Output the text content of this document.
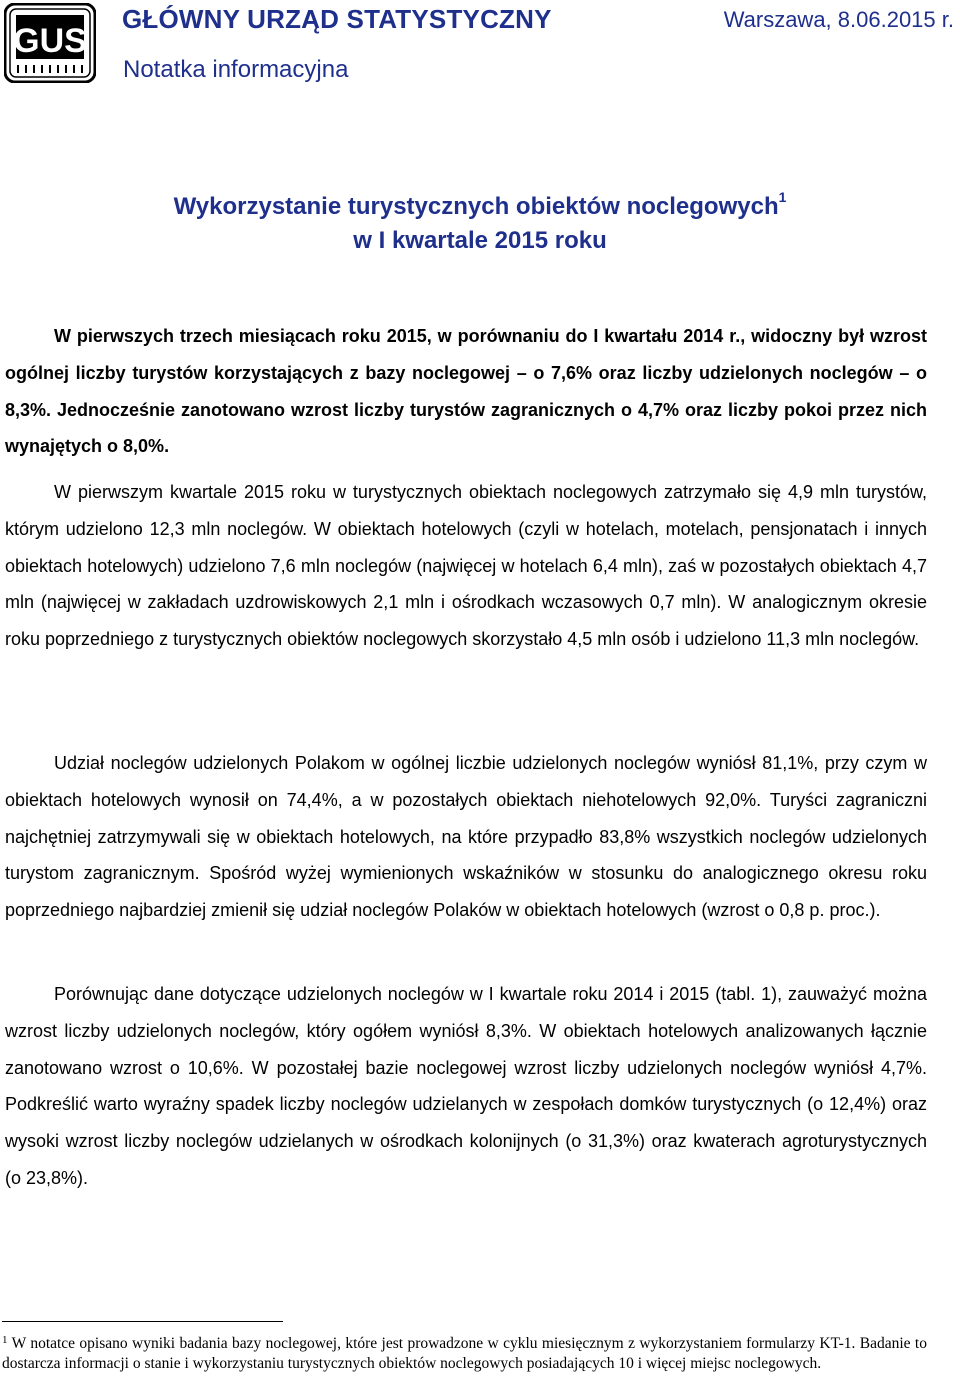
GUS
GŁÓWNY URZĄD STATYSTYCZNY	Warszawa, 8.06.2015 r.
Notatka informacyjna
Wykorzystanie turystycznych obiektów noclegowych$^1$
w I kwartale 2015 roku

W pierwszych trzech miesiącach roku 2015, w porównaniu do I kwartału 2014 r., widoczny był wzrost ogólnej liczby turystów korzystających z bazy noclegowej – o 7,6% oraz liczby udzielonych noclegów – o 8,3%. Jednocześnie zanotowano wzrost liczby turystów zagranicznych o 4,7% oraz liczby pokoi przez nich wynajętych o 8,0%.

W pierwszym kwartale 2015 roku w turystycznych obiektach noclegowych zatrzymało się 4,9 mln turystów, którym udzielono 12,3 mln noclegów. W obiektach hotelowych (czyli w hotelach, motelach, pensjonatach i innych obiektach hotelowych) udzielono 7,6 mln noclegów (najwięcej w hotelach 6,4 mln), zaś w pozostałych obiektach 4,7 mln (najwięcej w zakładach uzdrowiskowych 2,1 mln i ośrodkach wczasowych 0,7 mln). W analogicznym okresie roku poprzedniego z turystycznych obiektów noclegowych skorzystało 4,5 mln osób i udzielono 11,3 mln noclegów.

Udział noclegów udzielonych Polakom w ogólnej liczbie udzielonych noclegów wyniósł 81,1%, przy czym w obiektach hotelowych wynosił on 74,4%, a w pozostałych obiektach niehotelowych 92,0%. Turyści zagraniczni najchętniej zatrzymywali się w obiektach hotelowych, na które przypadło 83,8% wszystkich noclegów udzielonych turystom zagranicznym. Spośród wyżej wymienionych wskaźników w stosunku do analogicznego okresu roku poprzedniego najbardziej zmienił się udział noclegów Polaków w obiektach hotelowych (wzrost o 0,8 p. proc.).

Porównując dane dotyczące udzielonych noclegów w I kwartale roku 2014 i 2015 (tabl. 1), zauważyć można wzrost liczby udzielonych noclegów, który ogółem wyniósł 8,3%. W obiektach hotelowych analizowanych łącznie zanotowano wzrost o 10,6%. W pozostałej bazie noclegowej wzrost liczby udzielonych noclegów wyniósł 4,7%. Podkreślić warto wyraźny spadek liczby noclegów udzielanych w zespołach domków turystycznych (o 12,4%) oraz wysoki wzrost liczby noclegów udzielanych w ośrodkach kolonijnych (o 31,3%) oraz kwaterach agroturystycznych (o 23,8%).

$^1$ W notatce opisano wyniki badania bazy noclegowej, które jest prowadzone w cyklu miesięcznym z wykorzystaniem formularzy KT-1. Badanie to dostarcza informacji o stanie i wykorzystaniu turystycznych obiektów noclegowych posiadających 10 i więcej miejsc noclegowych.
